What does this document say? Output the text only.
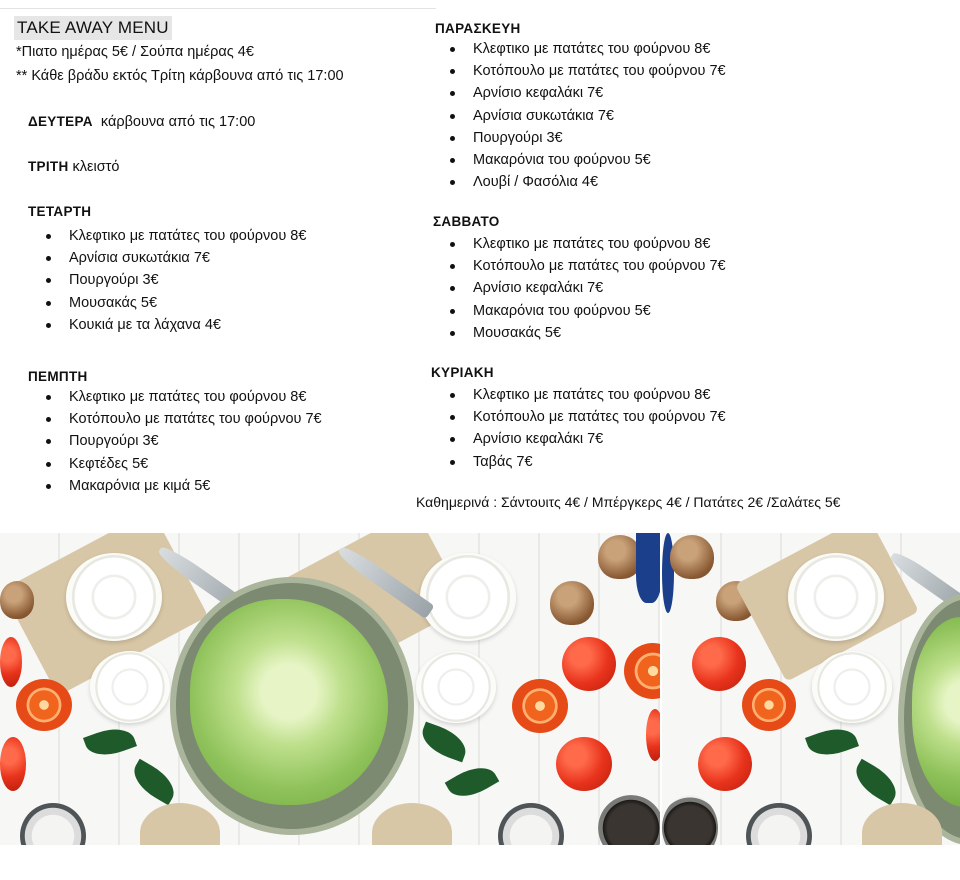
TAKE AWAY MENU
*Πιατο ημέρας 5€ / Σούπα ημέρας 4€
** Κάθε βράδυ εκτός Τρίτη κάρβουνα από τις 17:00
ΔΕΥΤΕΡΑ κάρβουνα από τις 17:00
ΤΡΙΤΗ κλειστό
ΤΕΤΑΡΤΗ
Κλεφτικο με πατάτες του φούρνου 8€
Αρνίσια συκωτάκια 7€
Πουργούρι 3€
Μουσακάς 5€
Κουκιά με τα λάχανα 4€
ΠΕΜΠΤΗ
Κλεφτικο με πατάτες του φούρνου 8€
Κοτόπουλο με πατάτες του φούρνου 7€
Πουργούρι 3€
Κεφτέδες 5€
Μακαρόνια με κιμά 5€
ΠΑΡΑΣΚΕΥΗ
Κλεφτικο με πατάτες του φούρνου 8€
Κοτόπουλο με πατάτες του φούρνου 7€
Αρνίσιο κεφαλάκι 7€
Αρνίσια συκωτάκια 7€
Πουργούρι 3€
Μακαρόνια του φούρνου 5€
Λουβί / Φασόλια 4€
ΣΑΒΒΑΤΟ
Κλεφτικο με πατάτες του φούρνου 8€
Κοτόπουλο με πατάτες του φούρνου 7€
Αρνίσιο κεφαλάκι 7€
Μακαρόνια του φούρνου 5€
Μουσακάς 5€
ΚΥΡΙΑΚΗ
Κλεφτικο με πατάτες του φούρνου 8€
Κοτόπουλο με πατάτες του φούρνου 7€
Αρνίσιο κεφαλάκι 7€
Ταβάς 7€
Καθημερινά : Σάντουιτς 4€ / Μπέργκερς 4€ / Πατάτες 2€ /Σαλάτες 5€
